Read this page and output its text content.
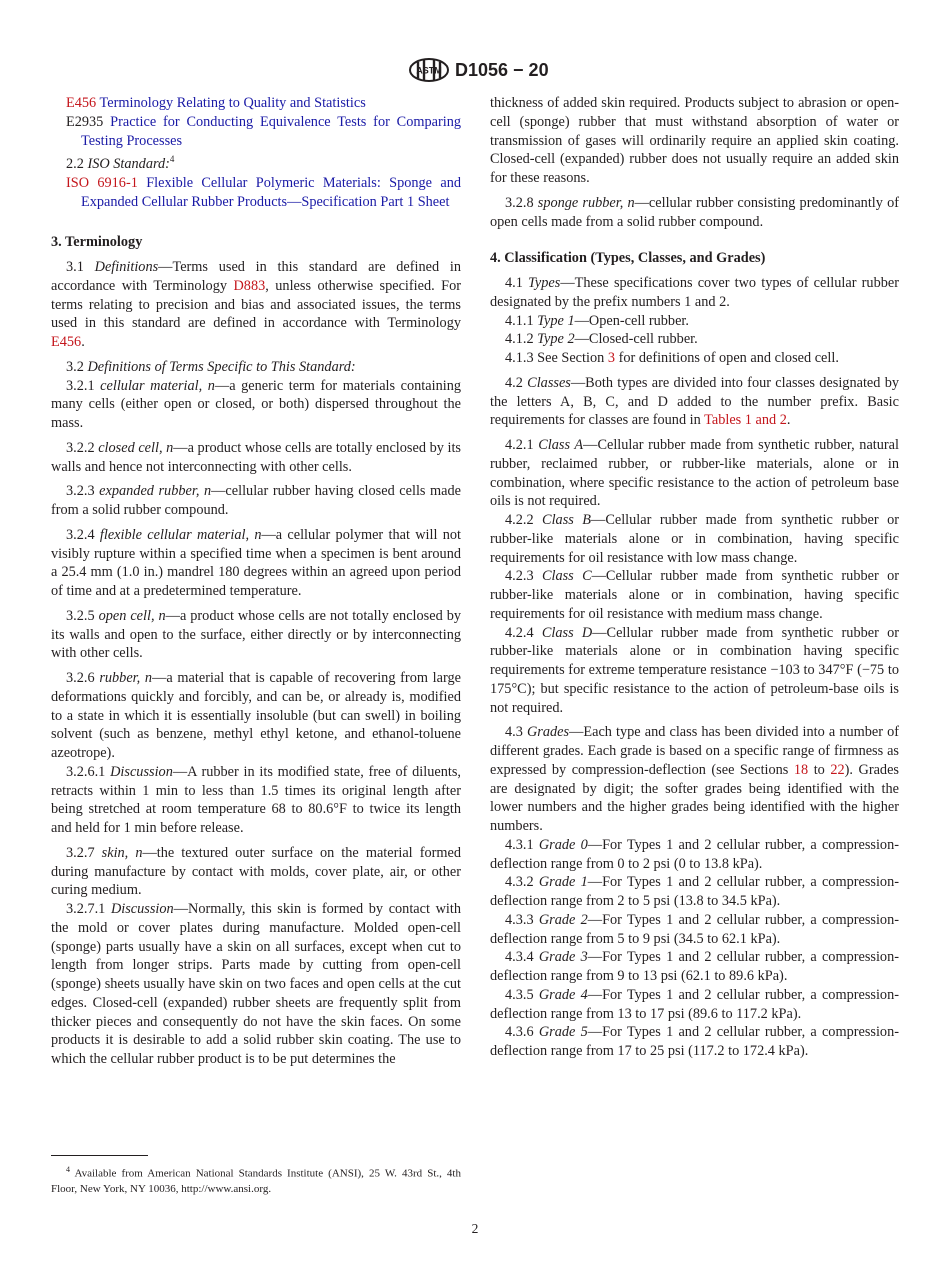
ASTM D1056 − 20

E456 Terminology Relating to Quality and Statistics

E2935 Practice for Conducting Equivalence Tests for Comparing Testing Processes

2.2 ISO Standard:$^4$

ISO 6916-1 Flexible Cellular Polymeric Materials: Sponge and Expanded Cellular Rubber Products—Specification Part 1 Sheet

3. Terminology

3.1 Definitions—Terms used in this standard are defined in accordance with Terminology D883, unless otherwise specified. For terms relating to precision and bias and associated issues, the terms used in this standard are defined in accordance with Terminology E456.

3.2 Definitions of Terms Specific to This Standard:

3.2.1 cellular material, n—a generic term for materials containing many cells (either open or closed, or both) dispersed throughout the mass.

3.2.2 closed cell, n—a product whose cells are totally enclosed by its walls and hence not interconnecting with other cells.

3.2.3 expanded rubber, n—cellular rubber having closed cells made from a solid rubber compound.

3.2.4 flexible cellular material, n—a cellular polymer that will not visibly rupture within a specified time when a specimen is bent around a 25.4 mm (1.0 in.) mandrel 180 degrees within an agreed upon period of time and at a predetermined temperature.

3.2.5 open cell, n—a product whose cells are not totally enclosed by its walls and open to the surface, either directly or by interconnecting with other cells.

3.2.6 rubber, n—a material that is capable of recovering from large deformations quickly and forcibly, and can be, or already is, modified to a state in which it is essentially insoluble (but can swell) in boiling solvent (such as benzene, methyl ethyl ketone, and ethanol-toluene azeotrope).

3.2.6.1 Discussion—A rubber in its modified state, free of diluents, retracts within 1 min to less than 1.5 times its original length after being stretched at room temperature 68 to 80.6°F to twice its length and held for 1 min before release.

3.2.7 skin, n—the textured outer surface on the material formed during manufacture by contact with molds, cover plate, air, or other curing medium.

3.2.7.1 Discussion—Normally, this skin is formed by contact with the mold or cover plates during manufacture. Molded open-cell (sponge) parts usually have a skin on all surfaces, except when cut to length from longer strips. Parts made by cutting from open-cell (sponge) sheets usually have skin on two faces and open cells at the cut edges. Closed-cell (expanded) rubber sheets are frequently split from thicker pieces and consequently do not have the skin faces. On some products it is desirable to add a solid rubber skin coating. The use to which the cellular rubber product is to be put determines the

$^4$ Available from American National Standards Institute (ANSI), 25 W. 43rd St., 4th Floor, New York, NY 10036, http://www.ansi.org.

thickness of added skin required. Products subject to abrasion or open-cell (sponge) rubber that must withstand absorption of water or transmission of gases will ordinarily require an applied skin coating. Closed-cell (expanded) rubber does not usually require an added skin for these reasons.

3.2.8 sponge rubber, n—cellular rubber consisting predominantly of open cells made from a solid rubber compound.

4. Classification (Types, Classes, and Grades)

4.1 Types—These specifications cover two types of cellular rubber designated by the prefix numbers 1 and 2.

4.1.1 Type 1—Open-cell rubber.

4.1.2 Type 2—Closed-cell rubber.

4.1.3 See Section 3 for definitions of open and closed cell.

4.2 Classes—Both types are divided into four classes designated by the letters A, B, C, and D added to the number prefix. Basic requirements for classes are found in Tables 1 and 2.

4.2.1 Class A—Cellular rubber made from synthetic rubber, natural rubber, reclaimed rubber, or rubber-like materials, alone or in combination, where specific resistance to the action of petroleum base oils is not required.

4.2.2 Class B—Cellular rubber made from synthetic rubber or rubber-like materials alone or in combination, having specific requirements for oil resistance with low mass change.

4.2.3 Class C—Cellular rubber made from synthetic rubber or rubber-like materials alone or in combination, having specific requirements for oil resistance with medium mass change.

4.2.4 Class D—Cellular rubber made from synthetic rubber or rubber-like materials alone or in combination having specific requirements for extreme temperature resistance −103 to 347°F (−75 to 175°C); but specific resistance to the action of petroleum-base oils is not required.

4.3 Grades—Each type and class has been divided into a number of different grades. Each grade is based on a specific range of firmness as expressed by compression-deflection (see Sections 18 to 22). Grades are designated by digit; the softer grades being identified with the lower numbers and the higher grades being identified with the higher numbers.

4.3.1 Grade 0—For Types 1 and 2 cellular rubber, a compression-deflection range from 0 to 2 psi (0 to 13.8 kPa).

4.3.2 Grade 1—For Types 1 and 2 cellular rubber, a compression-deflection range from 2 to 5 psi (13.8 to 34.5 kPa).

4.3.3 Grade 2—For Types 1 and 2 cellular rubber, a compression-deflection range from 5 to 9 psi (34.5 to 62.1 kPa).

4.3.4 Grade 3—For Types 1 and 2 cellular rubber, a compression-deflection range from 9 to 13 psi (62.1 to 89.6 kPa).

4.3.5 Grade 4—For Types 1 and 2 cellular rubber, a compression-deflection range from 13 to 17 psi (89.6 to 117.2 kPa).

4.3.6 Grade 5—For Types 1 and 2 cellular rubber, a compression-deflection range from 17 to 25 psi (117.2 to 172.4 kPa).

2
